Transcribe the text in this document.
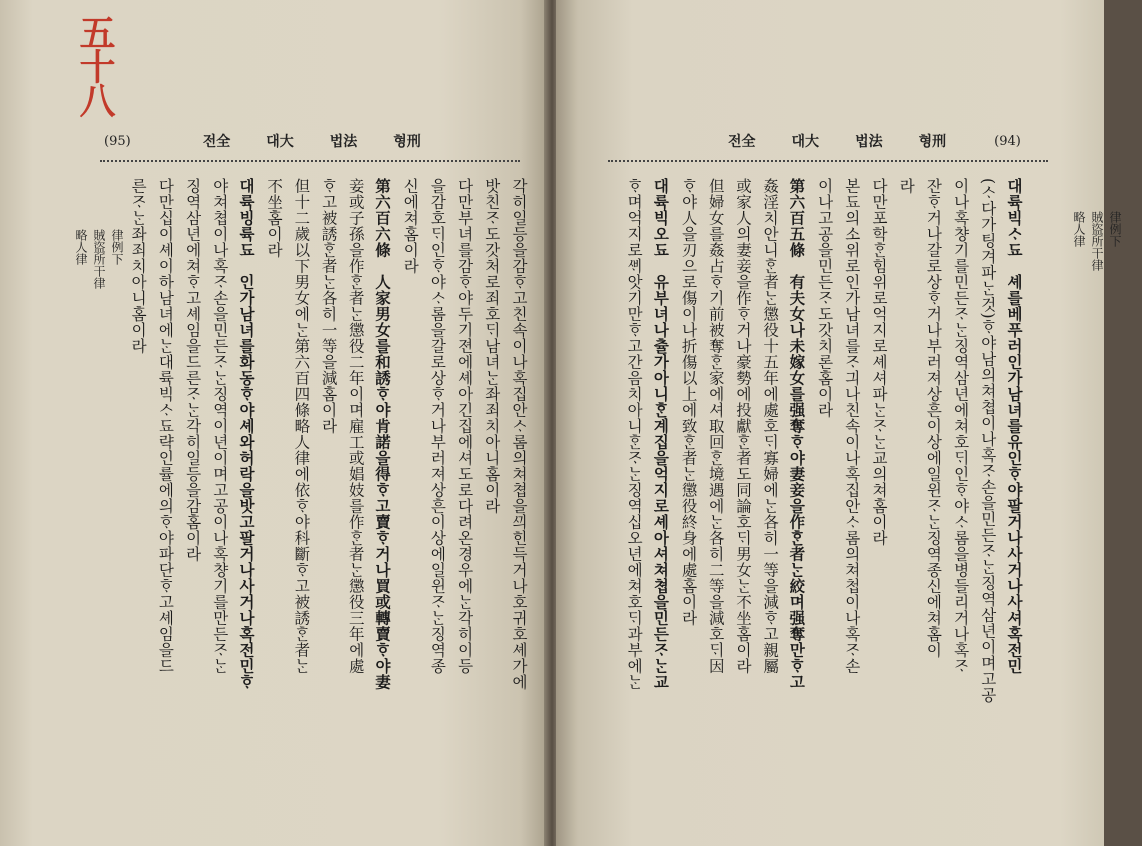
五十八
(95)	전全	대大	법法	형刑
각히일등을감ᄒᆞ고친속이나혹집안ᄉᆞ롬의쳐쳡을ᄭᅴ힌득거나호귀호셰가에
밧친ᄌᆞ도갓처로죄호ᄃᆡ남녀ᄂᆞᆫ좌죄치아니홈이라
다만부녀를감ᄒᆞ야두기젼에셰아긴집에셔도로다려온경우에ᄂᆞᆫ각히이등
을감호ᄃᆡ인ᄒᆞ야ᄉᆞ롬을갈로상ᄒᆞ거나부러져상흔이상에일윈ᄌᆞᄂᆞᆫ징역종
신에쳐홈이라
第六百六條　人家男女를和誘ᄒᆞ야肯諾을得ᄒᆞ고賣ᄒᆞ거나買或轉賣ᄒᆞ야妻
妾或子孫을作ᄒᆞᆫ者ᄂᆞᆫ懲役二年이며雇工或娼妓를作ᄒᆞᆫ者ᄂᆞᆫ懲役三年에處
ᄒᆞ고被誘ᄒᆞᆫ者ᄂᆞᆫ各히一等을減홈이라
但十二歲以下男女에ᄂᆞᆫ第六百四條略人律에依ᄒᆞ야科斷ᄒᆞ고被誘ᄒᆞᆫ者ᄂᆞᆫ
不坐홈이라
대륙빙륙됴　인가남녀를화동ᄒᆞ야셰와허락을밧고팔거나사거나혹전민ᄒᆞ
야쳐쳡이나혹ᄌᆞ손을민든ᄌᆞᄂᆞᆫ징역이년이며고공이나혹챵기를만든ᄌᆞᄂᆞᆫ
징역삼년에쳐ᄒᆞ고셰임을드른ᄌᆞᄂᆞᆫ각히일등을감홈이라
다만십이셰이하남녀에ᄂᆞᆫ대륙빅ᄉᆞ됴략인률에의ᄒᆞ야파단ᄒᆞ고셰임을드
른ᄌᆞᄂᆞᆫ좌죄치아니홈이라

律例下
賊盜所干律
略人律

전全	대大	법法	형刑	(94)
대륙빅ᄉᆞ됴　셰를베푸러인가남녀를유인ᄒᆞ야팔거나사거나사셔혹전민
(ᄉᆞ다가팅겨파ᄂᆞᆫ것)ᄒᆞ야남의쳐쳡이나혹ᄌᆞ손을민든ᄌᆞᄂᆞᆫ징역삼년이며고공
이나혹챵기를민든ᄌᆞᄂᆞᆫ징역삼년에쳐호ᄃᆡ인ᄒᆞ야ᄉᆞ롬을병들리거나혹ᄌᆞ
잔ᄒᆞ거나갈로상ᄒᆞ거나부러져상흔이상에일윈ᄌᆞᄂᆞᆫ징역종신에쳐홈이
라
다만포학ᄒᆞᆫ힘위로억지로셰셔파ᄂᆞᆫᄌᆞᄂᆞᆫ교의쳐홈이라
본됴의소위로인가남녀를ᄌᆞ긔나친속이나혹집안ᄉᆞ롬의쳐첩이나혹ᄌᆞ손
이나고공을민든ᄌᆞ도갓치론홈이라
第六百五條　有夫女나未嫁女를强奪ᄒᆞ야妻妾을作ᄒᆞᆫ者ᄂᆞᆫ絞며强奪만ᄒᆞ고
姦淫치안니ᄒᆞᆫ者ᄂᆞᆫ懲役十五年에處호ᄃᆡ寡婦에ᄂᆞᆫ各히一等을減ᄒᆞ고親屬
或家人의妻妾을作ᄒᆞ거나豪勢에投獻ᄒᆞᆫ者도同論호ᄃᆡ男女ᄂᆞᆫ不坐홈이라
但婦女를姦占ᄒᆞ기前被奪ᄒᆞᆫ家에셔取回ᄒᆞᆫ境遇에ᄂᆞᆫ各히二等을減호ᄃᆡ因
ᄒᆞ야人을刃으로傷이나折傷以上에致ᄒᆞᆫ者ᄂᆞᆫ懲役終身에處홈이라
대륙빅오됴　유부녀나츌가아니ᄒᆞᆫ계집을억지로셰아셔쳐쳡을민든ᄌᆞᄂᆞᆫ교
ᄒᆞ며억지로ᄲᆡ앗기만ᄒᆞ고간음치아니ᄒᆞᆫᄌᆞᄂᆞᆫ징역십오년에쳐호ᄃᆡ과부에ᄂᆞᆫ	律例下
賊盜所干律
略人律
